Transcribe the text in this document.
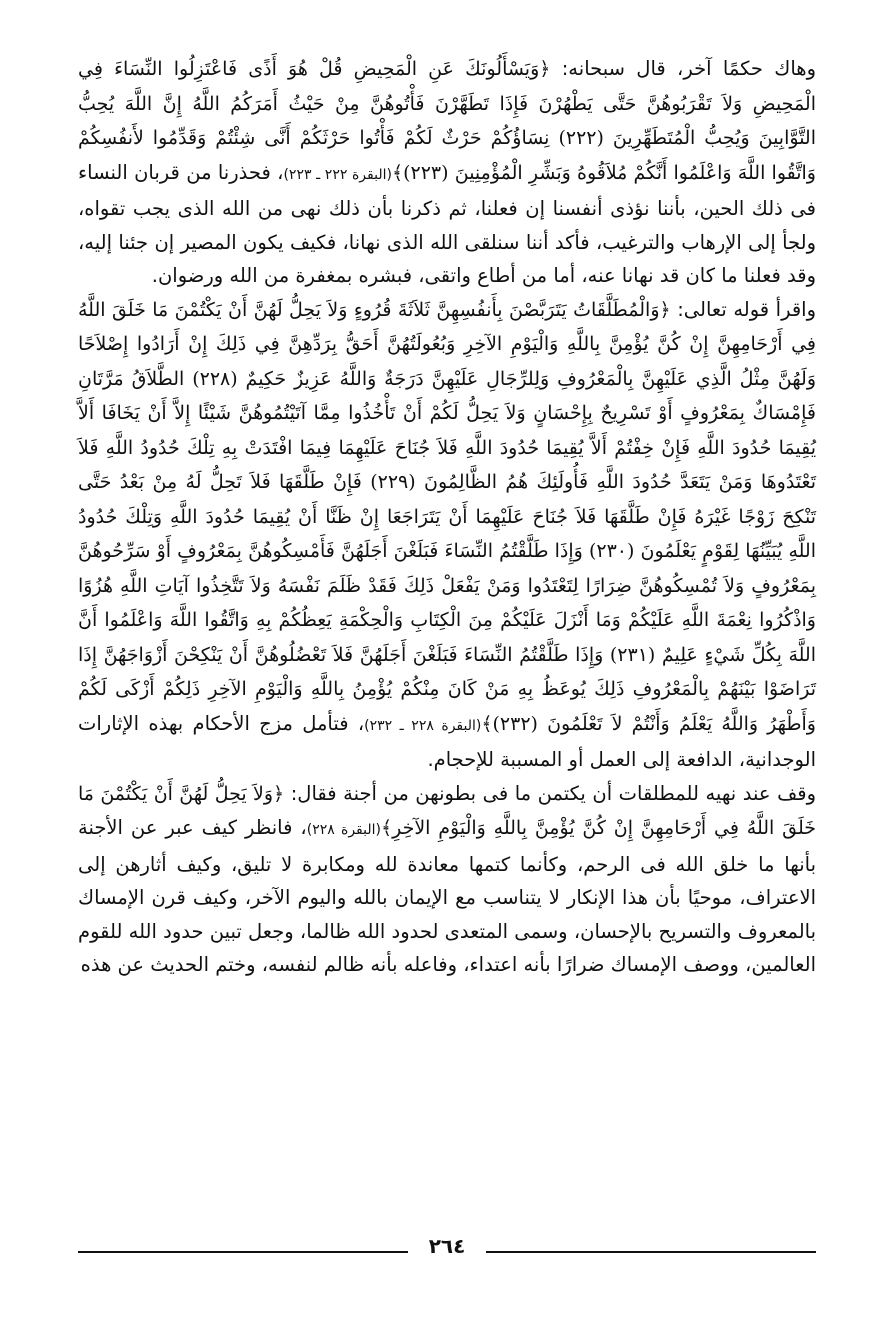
وهاك حكمًا آخر، قال سبحانه: ﴿وَيَسْأَلُونَكَ عَنِ الْمَحِيضِ قُلْ هُوَ أَذًى فَاعْتَزِلُوا النِّسَاءَ فِي الْمَحِيضِ وَلاَ تَقْرَبُوهُنَّ حَتَّى يَطْهُرْنَ فَإِذَا تَطَهَّرْنَ فَأْتُوهُنَّ مِنْ حَيْثُ أَمَرَكُمُ اللَّهُ إِنَّ اللَّهَ يُحِبُّ التَّوَّابِينَ وَيُحِبُّ الْمُتَطَهِّرِينَ (٢٢٢) نِسَاؤُكُمْ حَرْثٌ لَكُمْ فَأْتُوا حَرْثَكُمْ أَنَّى شِئْتُمْ وَقَدِّمُوا لأَنفُسِكُمْ وَاتَّقُوا اللَّهَ وَاعْلَمُوا أَنَّكُمْ مُلاَقُوهُ وَبَشِّرِ الْمُؤْمِنِينَ (٢٢٣)﴾(البقرة ٢٢٢ ـ ٢٢٣)، فحذرنا من قربان النساء فى ذلك الحين، بأننا نؤذى أنفسنا إن فعلنا، ثم ذكرنا بأن ذلك نهى من الله الذى يجب تقواه، ولجأ إلى الإرهاب والترغيب، فأكد أننا سنلقى الله الذى نهانا، فكيف يكون المصير إن جئنا إليه، وقد فعلنا ما كان قد نهانا عنه، أما من أطاع واتقى، فبشره بمغفرة من الله ورضوان.

واقرأ قوله تعالى: ﴿وَالْمُطَلَّقَاتُ يَتَرَبَّصْنَ بِأَنفُسِهِنَّ ثَلاَثَةَ قُرُوءٍ وَلاَ يَحِلُّ لَهُنَّ أَنْ يَكْتُمْنَ مَا خَلَقَ اللَّهُ فِي أَرْحَامِهِنَّ إِنْ كُنَّ يُؤْمِنَّ بِاللَّهِ وَالْيَوْمِ الآخِرِ وَبُعُولَتُهُنَّ أَحَقُّ بِرَدِّهِنَّ فِي ذَلِكَ إِنْ أَرَادُوا إِصْلاَحًا وَلَهُنَّ مِثْلُ الَّذِي عَلَيْهِنَّ بِالْمَعْرُوفِ وَلِلرِّجَالِ عَلَيْهِنَّ دَرَجَةٌ وَاللَّهُ عَزِيزٌ حَكِيمٌ (٢٢٨) الطَّلاَقُ مَرَّتَانِ فَإِمْسَاكٌ بِمَعْرُوفٍ أَوْ تَسْرِيحٌ بِإِحْسَانٍ وَلاَ يَحِلُّ لَكُمْ أَنْ تَأْخُذُوا مِمَّا آتَيْتُمُوهُنَّ شَيْئًا إِلاَّ أَنْ يَخَافَا أَلاَّ يُقِيمَا حُدُودَ اللَّهِ فَإِنْ خِفْتُمْ أَلاَّ يُقِيمَا حُدُودَ اللَّهِ فَلاَ جُنَاحَ عَلَيْهِمَا فِيمَا افْتَدَتْ بِهِ تِلْكَ حُدُودُ اللَّهِ فَلاَ تَعْتَدُوهَا وَمَنْ يَتَعَدَّ حُدُودَ اللَّهِ فَأُولَئِكَ هُمُ الظَّالِمُونَ (٢٢٩) فَإِنْ طَلَّقَهَا فَلاَ تَحِلُّ لَهُ مِنْ بَعْدُ حَتَّى تَنْكِحَ زَوْجًا غَيْرَهُ فَإِنْ طَلَّقَهَا فَلاَ جُنَاحَ عَلَيْهِمَا أَنْ يَتَرَاجَعَا إِنْ ظَنَّا أَنْ يُقِيمَا حُدُودَ اللَّهِ وَتِلْكَ حُدُودُ اللَّهِ يُبَيِّنُهَا لِقَوْمٍ يَعْلَمُونَ (٢٣٠) وَإِذَا طَلَّقْتُمُ النِّسَاءَ فَبَلَغْنَ أَجَلَهُنَّ فَأَمْسِكُوهُنَّ بِمَعْرُوفٍ أَوْ سَرِّحُوهُنَّ بِمَعْرُوفٍ وَلاَ تُمْسِكُوهُنَّ ضِرَارًا لِتَعْتَدُوا وَمَنْ يَفْعَلْ ذَلِكَ فَقَدْ ظَلَمَ نَفْسَهُ وَلاَ تَتَّخِذُوا آيَاتِ اللَّهِ هُزُوًا وَاذْكُرُوا نِعْمَةَ اللَّهِ عَلَيْكُمْ وَمَا أَنْزَلَ عَلَيْكُمْ مِنَ الْكِتَابِ وَالْحِكْمَةِ يَعِظُكُمْ بِهِ وَاتَّقُوا اللَّهَ وَاعْلَمُوا أَنَّ اللَّهَ بِكُلِّ شَيْءٍ عَلِيمٌ (٢٣١) وَإِذَا طَلَّقْتُمُ النِّسَاءَ فَبَلَغْنَ أَجَلَهُنَّ فَلاَ تَعْضُلُوهُنَّ أَنْ يَنْكِحْنَ أَزْوَاجَهُنَّ إِذَا تَرَاضَوْا بَيْنَهُمْ بِالْمَعْرُوفِ ذَلِكَ يُوعَظُ بِهِ مَنْ كَانَ مِنْكُمْ يُؤْمِنُ بِاللَّهِ وَالْيَوْمِ الآخِرِ ذَلِكُمْ أَزْكَى لَكُمْ وَأَطْهَرُ وَاللَّهُ يَعْلَمُ وَأَنْتُمْ لاَ تَعْلَمُونَ (٢٣٢)﴾(البقرة ٢٢٨ ـ ٢٣٢)، فتأمل مزج الأحكام بهذه الإثارات الوجدانية، الدافعة إلى العمل أو المسببة للإحجام.

وقف عند نهيه للمطلقات أن يكتمن ما فى بطونهن من أجنة فقال: ﴿وَلاَ يَحِلُّ لَهُنَّ أَنْ يَكْتُمْنَ مَا خَلَقَ اللَّهُ فِي أَرْحَامِهِنَّ إِنْ كُنَّ يُؤْمِنَّ بِاللَّهِ وَالْيَوْمِ الآخِرِ﴾(البقرة ٢٢٨)، فانظر كيف عبر عن الأجنة بأنها ما خلق الله فى الرحم، وكأنما كتمها معاندة لله ومكابرة لا تليق، وكيف أثارهن إلى الاعتراف، موحيًا بأن هذا الإنكار لا يتناسب مع الإيمان بالله واليوم الآخر، وكيف قرن الإمساك بالمعروف والتسريح بالإحسان، وسمى المتعدى لحدود الله ظالما، وجعل تبين حدود الله للقوم العالمين، ووصف الإمساك ضرارًا بأنه اعتداء، وفاعله بأنه ظالم لنفسه، وختم الحديث عن هذه

٢٦٤
